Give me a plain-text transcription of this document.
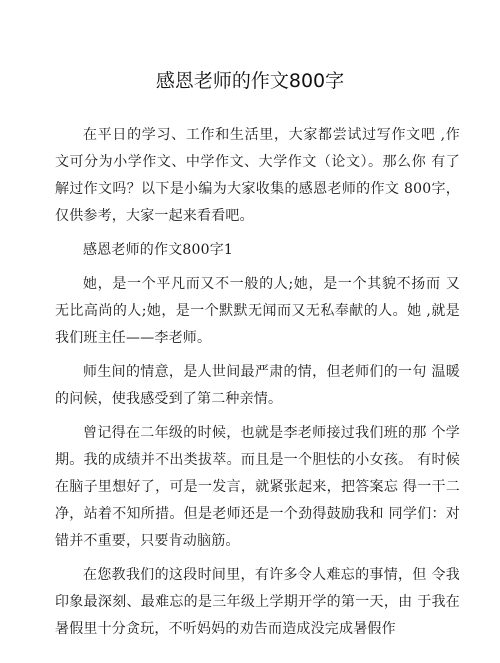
感恩老师的作文800字

在平日的学习、工作和生活里，大家都尝试过写作文吧 ,作文可分为小学作文、中学作文、大学作文（论文）。那么你 有了解过作文吗？以下是小编为大家收集的感恩老师的作文 800字，仅供参考，大家一起来看看吧。

感恩老师的作文800字1

她，是一个平凡而又不一般的人;她，是一个其貌不扬而 又无比高尚的人;她，是一个默默无闻而又无私奉献的人。她 ,就是我们班主任——李老师。

师生间的情意，是人世间最严肃的情，但老师们的一句 温暖的问候，使我感受到了第二种亲情。

曾记得在二年级的时候，也就是李老师接过我们班的那 个学期。我的成绩并不出类拔萃。而且是一个胆怯的小女孩。 有时候在脑子里想好了，可是一发言，就紧张起来，把答案忘 得一干二净，站着不知所措。但是老师还是一个劲得鼓励我和 同学们：对错并不重要，只要肯动脑筋。

在您教我们的这段时间里，有许多令人难忘的事情，但 令我印象最深刻、最难忘的是三年级上学期开学的第一天，由 于我在暑假里十分贪玩，不听妈妈的劝告而造成没完成暑假作
